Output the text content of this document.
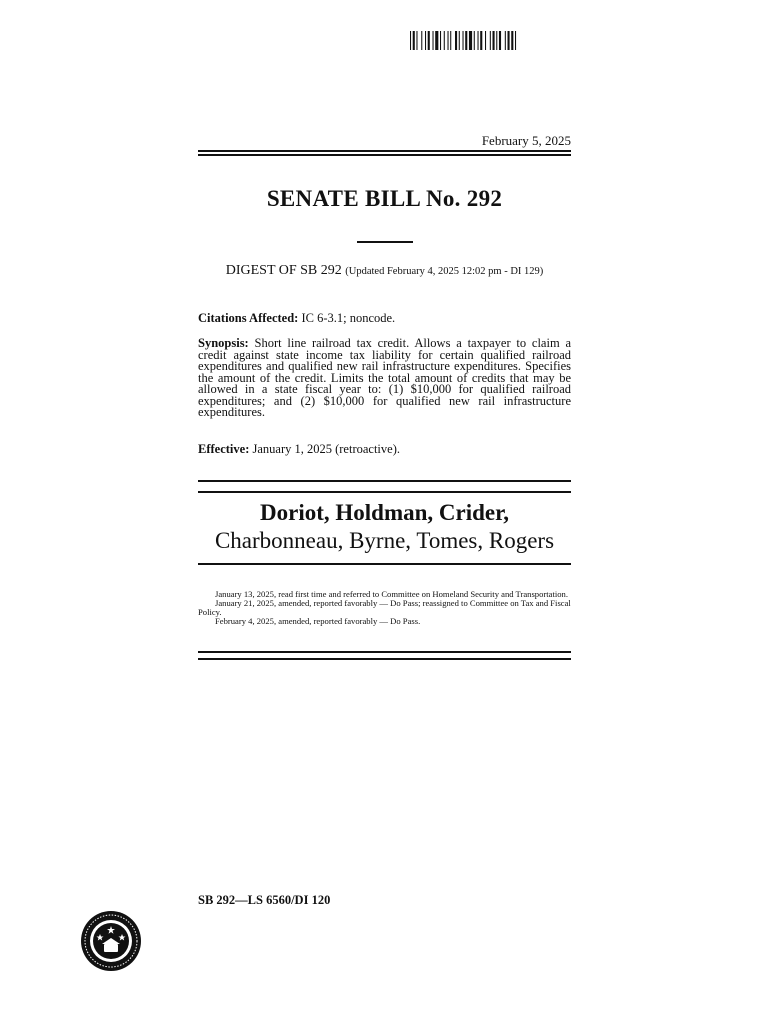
February 5, 2025
SENATE BILL No. 292
DIGEST OF SB 292 (Updated February 4, 2025 12:02 pm - DI 129)
Citations Affected: IC 6-3.1; noncode.
Synopsis: Short line railroad tax credit. Allows a taxpayer to claim a credit against state income tax liability for certain qualified railroad expenditures and qualified new rail infrastructure expenditures. Specifies the amount of the credit. Limits the total amount of credits that may be allowed in a state fiscal year to: (1) $10,000 for qualified railroad expenditures; and (2) $10,000 for qualified new rail infrastructure expenditures.
Effective: January 1, 2025 (retroactive).
Doriot, Holdman, Crider,
Charbonneau, Byrne, Tomes, Rogers
January 13, 2025, read first time and referred to Committee on Homeland Security and Transportation.
January 21, 2025, amended, reported favorably — Do Pass; reassigned to Committee on Tax and Fiscal Policy.
February 4, 2025, amended, reported favorably — Do Pass.
SB 292—LS 6560/DI 120
